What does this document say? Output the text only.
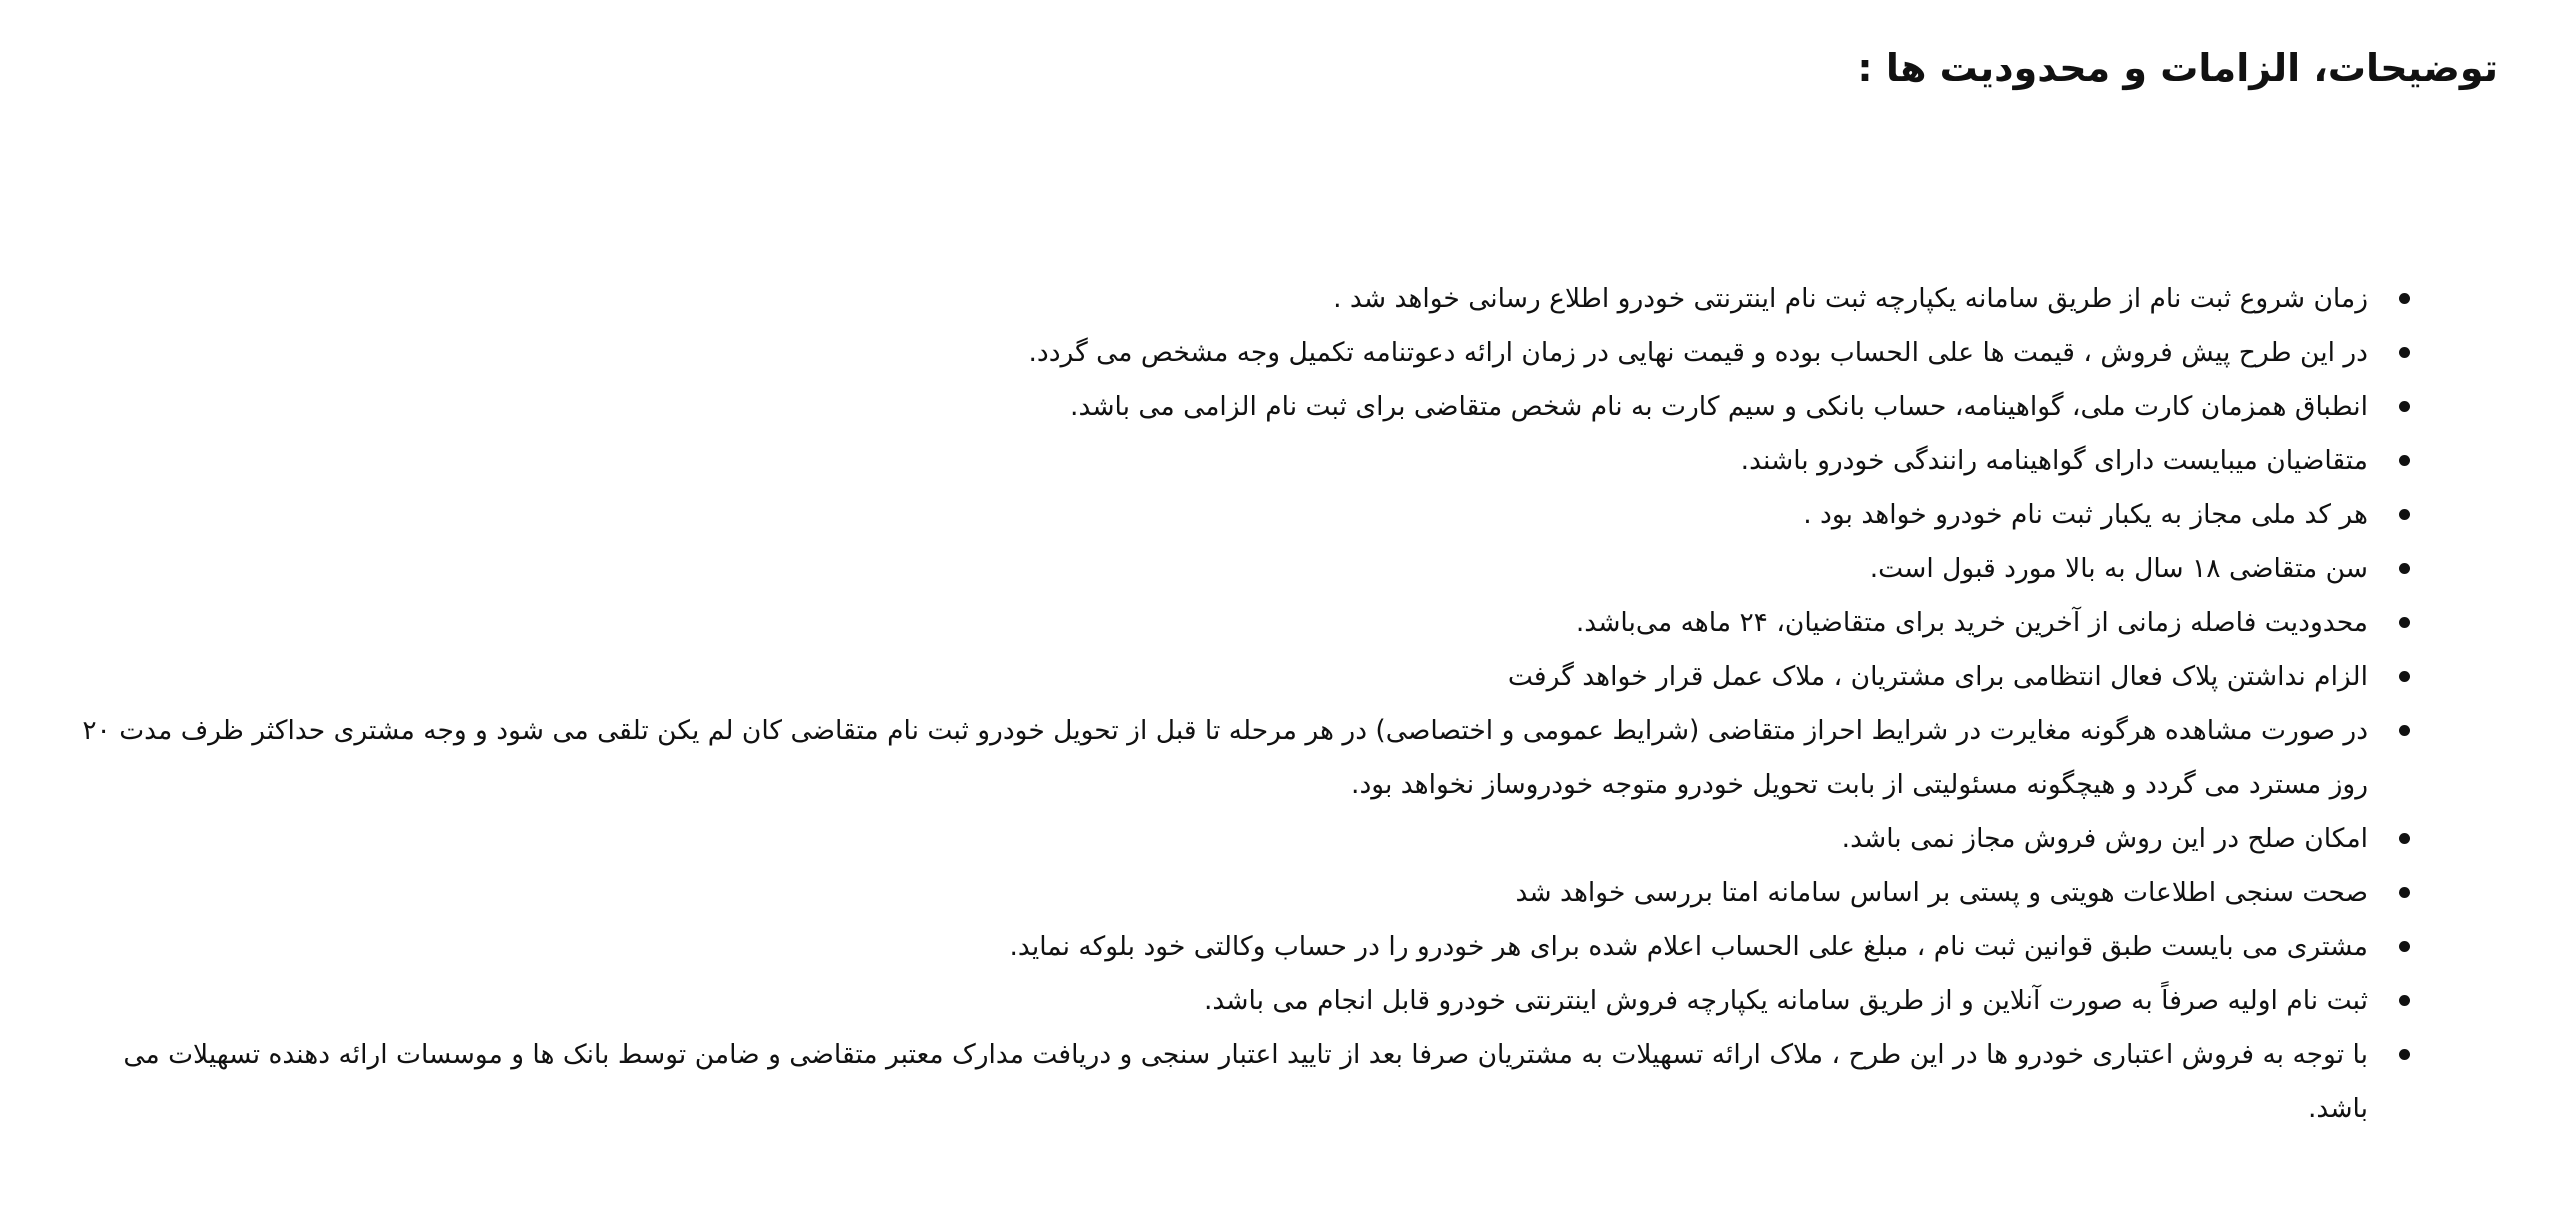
توضیحات، الزامات و محدودیت ها :
زمان شروع ثبت نام از طریق سامانه یکپارچه ثبت نام اینترنتی خودرو اطلاع رسانی خواهد شد .
در این طرح پیش فروش ، قیمت ها علی الحساب بوده و قیمت نهایی در زمان ارائه دعوتنامه تکمیل وجه مشخص می گردد.
انطباق همزمان کارت ملی، گواهینامه، حساب بانکی و سیم کارت به نام شخص متقاضی برای ثبت نام الزامی می باشد.
متقاضیان میبایست دارای گواهینامه رانندگی خودرو باشند.
هر کد ملی مجاز به یکبار ثبت نام خودرو خواهد بود .
سن متقاضی ۱۸ سال به بالا مورد قبول است.
محدودیت فاصله زمانی از آخرین خرید برای متقاضیان، ۲۴ ماهه می‌باشد.
الزام نداشتن پلاک فعال انتظامی برای مشتریان ، ملاک عمل قرار خواهد گرفت
در صورت مشاهده هرگونه مغایرت در شرایط احراز متقاضی (شرایط عمومی و اختصاصی) در هر مرحله تا قبل از تحویل خودرو ثبت نام متقاضی کان لم یکن تلقی می شود و وجه مشتری حداکثر ظرف مدت ۲۰ روز مسترد می گردد و هیچگونه مسئولیتی از بابت تحویل خودرو متوجه خودروساز نخواهد بود.
امکان صلح در این روش فروش مجاز نمی باشد.
صحت سنجی اطلاعات هویتی و پستی بر اساس سامانه امتا بررسی خواهد شد
مشتری می بایست طبق قوانین ثبت نام ، مبلغ علی الحساب اعلام شده برای هر خودرو را در حساب وکالتی خود بلوکه نماید.
ثبت نام اولیه صرفاً به صورت آنلاین و از طریق سامانه یکپارچه فروش اینترنتی خودرو قابل انجام می باشد.
با توجه به فروش اعتباری خودرو ها در این طرح ، ملاک ارائه تسهیلات به مشتریان صرفا بعد از تایید اعتبار سنجی و دریافت مدارک معتبر متقاضی و ضامن توسط بانک ها و موسسات ارائه دهنده تسهیلات می باشد.
